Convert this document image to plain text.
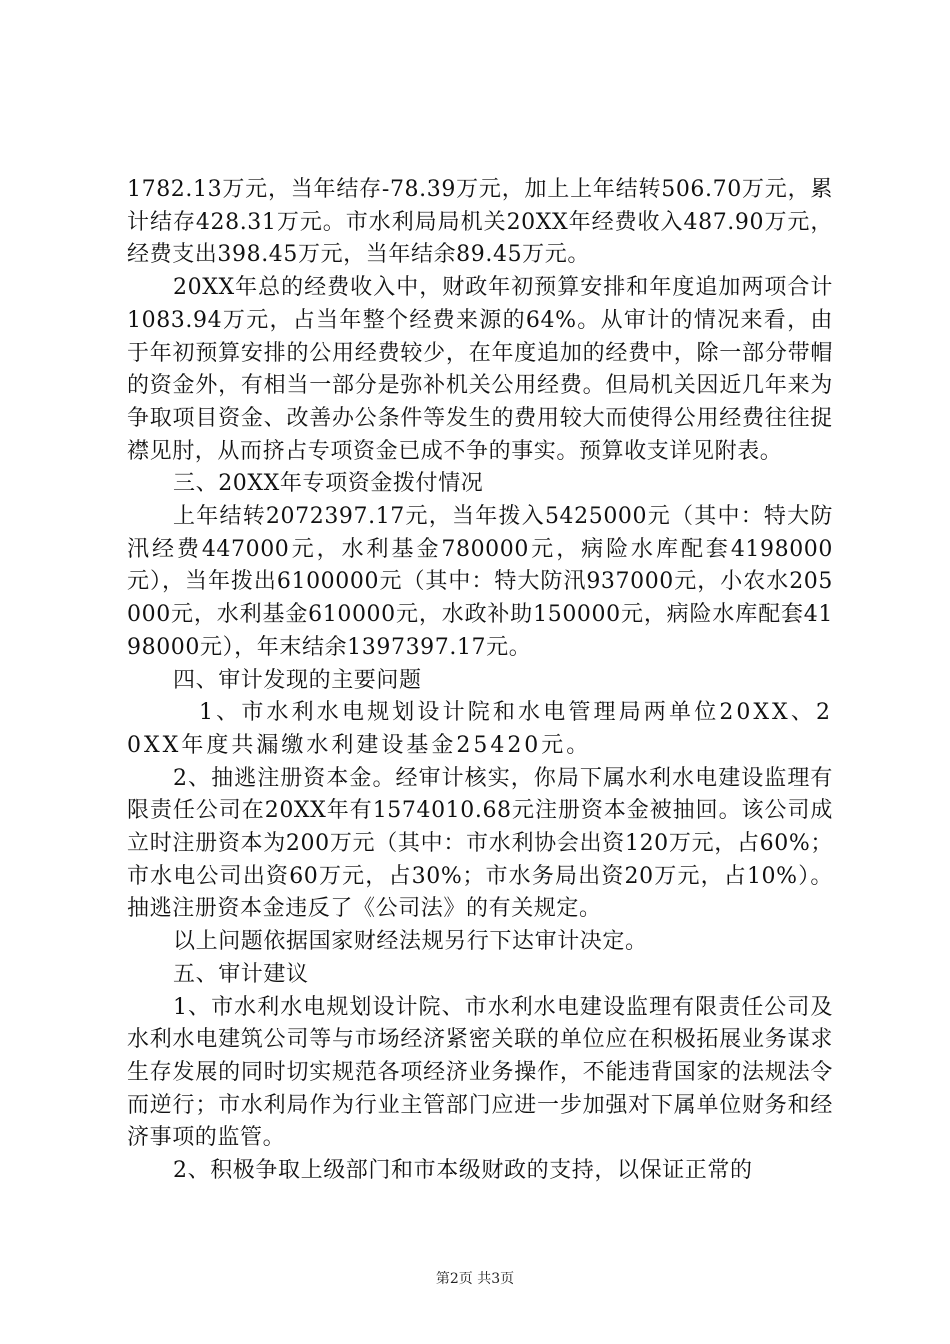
1782.13万元，当年结存-78.39万元，加上上年结转506.70万元，累计结存428.31万元。市水利局局机关20XX年经费收入487.90万元，经费支出398.45万元，当年结余89.45万元。

20XX年总的经费收入中，财政年初预算安排和年度追加两项合计1083.94万元，占当年整个经费来源的64%。从审计的情况来看，由于年初预算安排的公用经费较少，在年度追加的经费中，除一部分带帽的资金外，有相当一部分是弥补机关公用经费。但局机关因近几年来为争取项目资金、改善办公条件等发生的费用较大而使得公用经费往往捉襟见肘，从而挤占专项资金已成不争的事实。预算收支详见附表。

三、20XX年专项资金拨付情况

上年结转2072397.17元，当年拨入5425000元（其中：特大防汛经费447000元，水利基金780000元，病险水库配套4198000元），当年拨出6100000元（其中：特大防汛937000元，小农水205000元，水利基金610000元，水政补助150000元，病险水库配套4198000元），年末结余1397397.17元。

四、审计发现的主要问题

1、市水利水电规划设计院和水电管理局两单位20XX、20XX年度共漏缴水利建设基金25420元。

2、抽逃注册资本金。经审计核实，你局下属水利水电建设监理有限责任公司在20XX年有1574010.68元注册资本金被抽回。该公司成立时注册资本为200万元（其中：市水利协会出资120万元，占60%；市水电公司出资60万元，占30%；市水务局出资20万元，占10%）。抽逃注册资本金违反了《公司法》的有关规定。

以上问题依据国家财经法规另行下达审计决定。

五、审计建议

1、市水利水电规划设计院、市水利水电建设监理有限责任公司及水利水电建筑公司等与市场经济紧密关联的单位应在积极拓展业务谋求生存发展的同时切实规范各项经济业务操作，不能违背国家的法规法令而逆行；市水利局作为行业主管部门应进一步加强对下属单位财务和经济事项的监管。

2、积极争取上级部门和市本级财政的支持，以保证正常的

第2页 共3页
